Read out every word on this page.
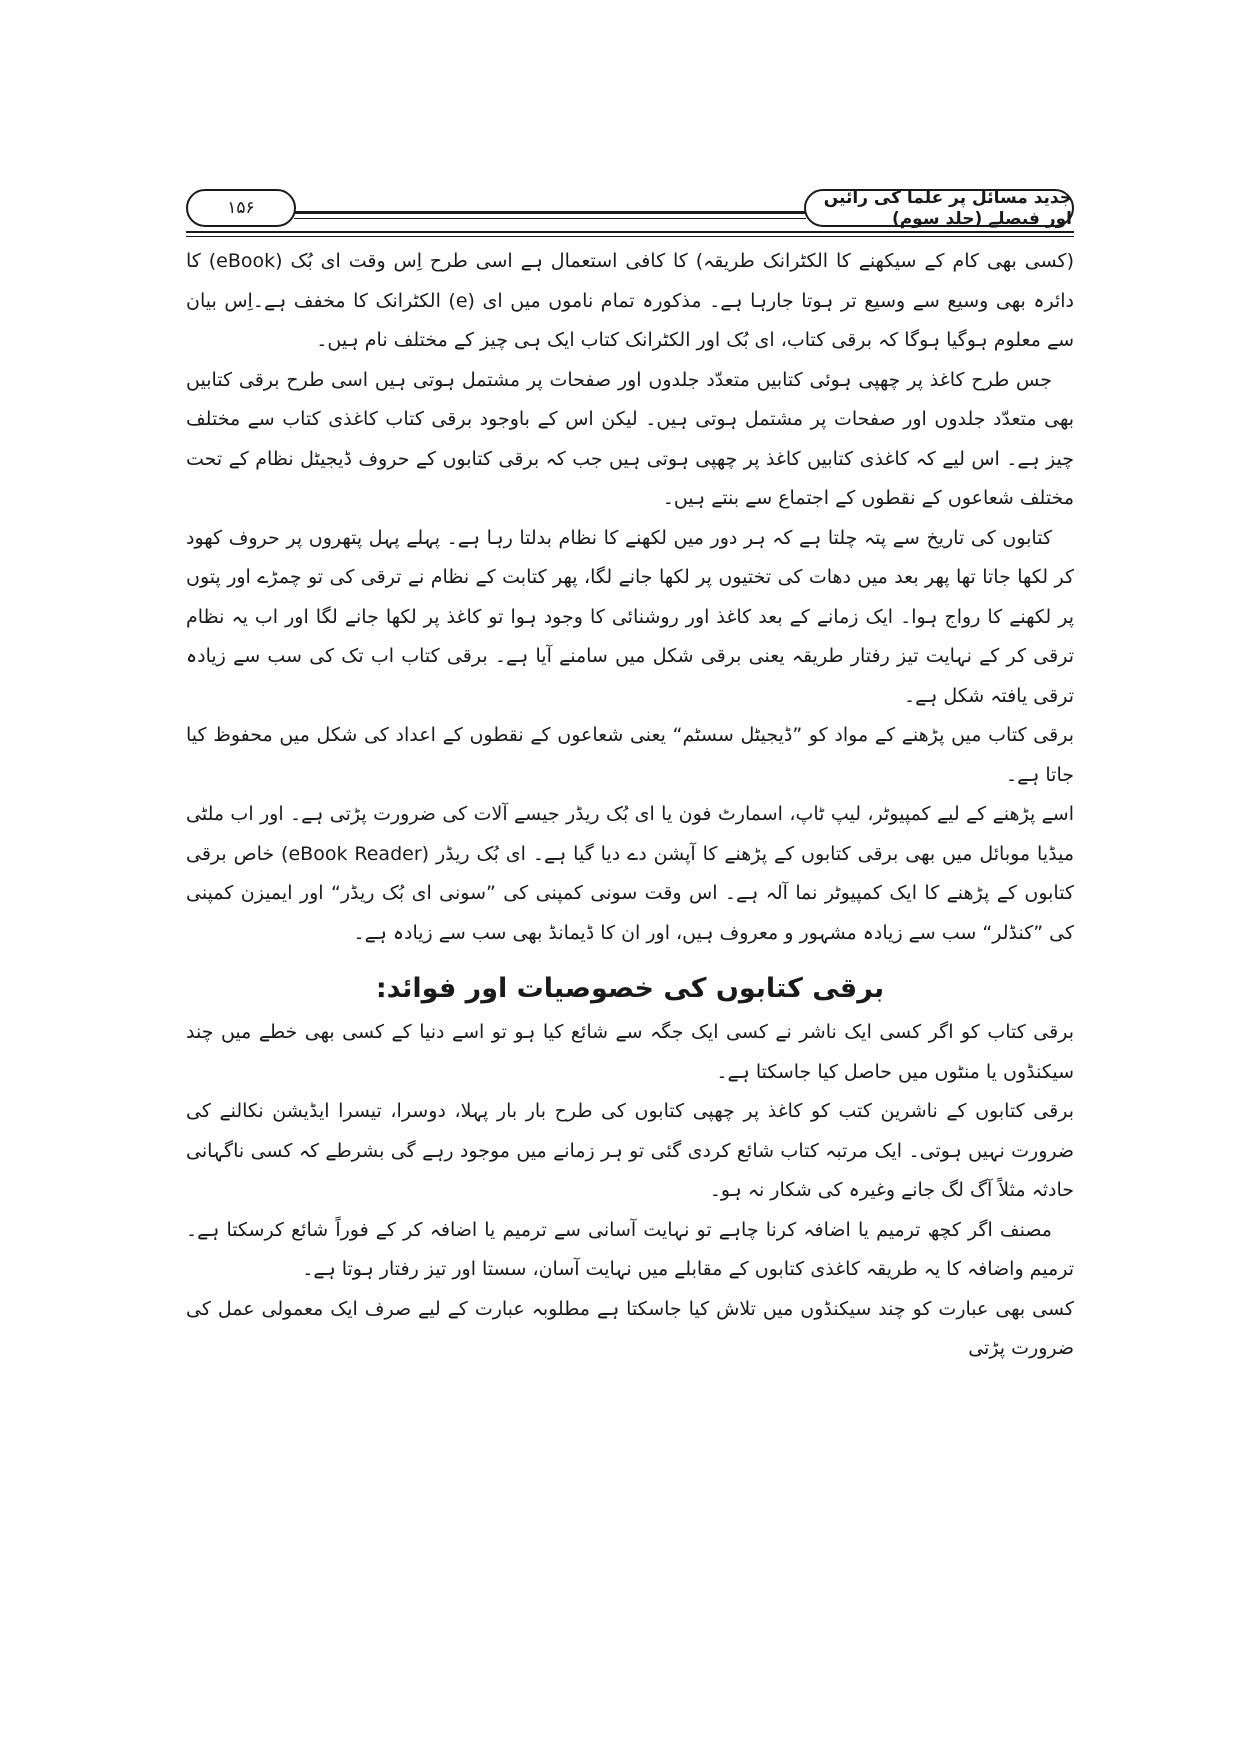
۱۵۶
جدید مسائل پر علما کی رائیں اور فیصلے (جلد سوم)

(کسی بھی کام کے سیکھنے کا الکٹرانک طریقہ) کا کافی استعمال ہے اسی طرح اِس وقت ای بُک (eBook) کا دائرہ بھی وسیع سے وسیع تر ہوتا جارہا ہے۔ مذکورہ تمام ناموں میں ای (e) الکٹرانک کا مخفف ہے۔اِس بیان سے معلوم ہوگیا ہوگا کہ برقی کتاب، ای بُک اور الکٹرانک کتاب ایک ہی چیز کے مختلف نام ہیں۔

جس طرح کاغذ پر چھپی ہوئی کتابیں متعدّد جلدوں اور صفحات پر مشتمل ہوتی ہیں اسی طرح برقی کتابیں بھی متعدّد جلدوں اور صفحات پر مشتمل ہوتی ہیں۔ لیکن اس کے باوجود برقی کتاب کاغذی کتاب سے مختلف چیز ہے۔ اس لیے کہ کاغذی کتابیں کاغذ پر چھپی ہوتی ہیں جب کہ برقی کتابوں کے حروف ڈیجیٹل نظام کے تحت مختلف شعاعوں کے نقطوں کے اجتماع سے بنتے ہیں۔

کتابوں کی تاریخ سے پتہ چلتا ہے کہ ہر دور میں لکھنے کا نظام بدلتا رہا ہے۔ پہلے پہل پتھروں پر حروف کھود کر لکھا جاتا تھا پھر بعد میں دھات کی تختیوں پر لکھا جانے لگا، پھر کتابت کے نظام نے ترقی کی تو چمڑے اور پتوں پر لکھنے کا رواج ہوا۔ ایک زمانے کے بعد کاغذ اور روشنائی کا وجود ہوا تو کاغذ پر لکھا جانے لگا اور اب یہ نظام ترقی کر کے نہایت تیز رفتار طریقہ یعنی برقی شکل میں سامنے آیا ہے۔ برقی کتاب اب تک کی سب سے زیادہ ترقی یافتہ شکل ہے۔

برقی کتاب میں پڑھنے کے مواد کو ”ڈیجیٹل سسٹم“ یعنی شعاعوں کے نقطوں کے اعداد کی شکل میں محفوظ کیا جاتا ہے۔

اسے پڑھنے کے لیے کمپیوٹر، لیپ ٹاپ، اسمارٹ فون یا ای بُک ریڈر جیسے آلات کی ضرورت پڑتی ہے۔ اور اب ملٹی میڈیا موبائل میں بھی برقی کتابوں کے پڑھنے کا آپشن دے دیا گیا ہے۔ ای بُک ریڈر (eBook Reader) خاص برقی کتابوں کے پڑھنے کا ایک کمپیوٹر نما آلہ ہے۔ اس وقت سونی کمپنی کی ”سونی ای بُک ریڈر“ اور ایمیزن کمپنی کی ”کنڈلر“ سب سے زیادہ مشہور و معروف ہیں، اور ان کا ڈیمانڈ بھی سب سے زیادہ ہے۔

برقی کتابوں کی خصوصیات اور فوائد:

برقی کتاب کو اگر کسی ایک ناشر نے کسی ایک جگہ سے شائع کیا ہو تو اسے دنیا کے کسی بھی خطے میں چند سیکنڈوں یا منٹوں میں حاصل کیا جاسکتا ہے۔

برقی کتابوں کے ناشرین کتب کو کاغذ پر چھپی کتابوں کی طرح بار بار پہلا، دوسرا، تیسرا ایڈیشن نکالنے کی ضرورت نہیں ہوتی۔ ایک مرتبہ کتاب شائع کردی گئی تو ہر زمانے میں موجود رہے گی بشرطے کہ کسی ناگہانی حادثہ مثلاً آگ لگ جانے وغیرہ کی شکار نہ ہو۔

مصنف اگر کچھ ترمیم یا اضافہ کرنا چاہے تو نہایت آسانی سے ترمیم یا اضافہ کر کے فوراً شائع کرسکتا ہے۔ ترمیم واضافہ کا یہ طریقہ کاغذی کتابوں کے مقابلے میں نہایت آسان، سستا اور تیز رفتار ہوتا ہے۔

کسی بھی عبارت کو چند سیکنڈوں میں تلاش کیا جاسکتا ہے مطلوبہ عبارت کے لیے صرف ایک معمولی عمل کی ضرورت پڑتی
